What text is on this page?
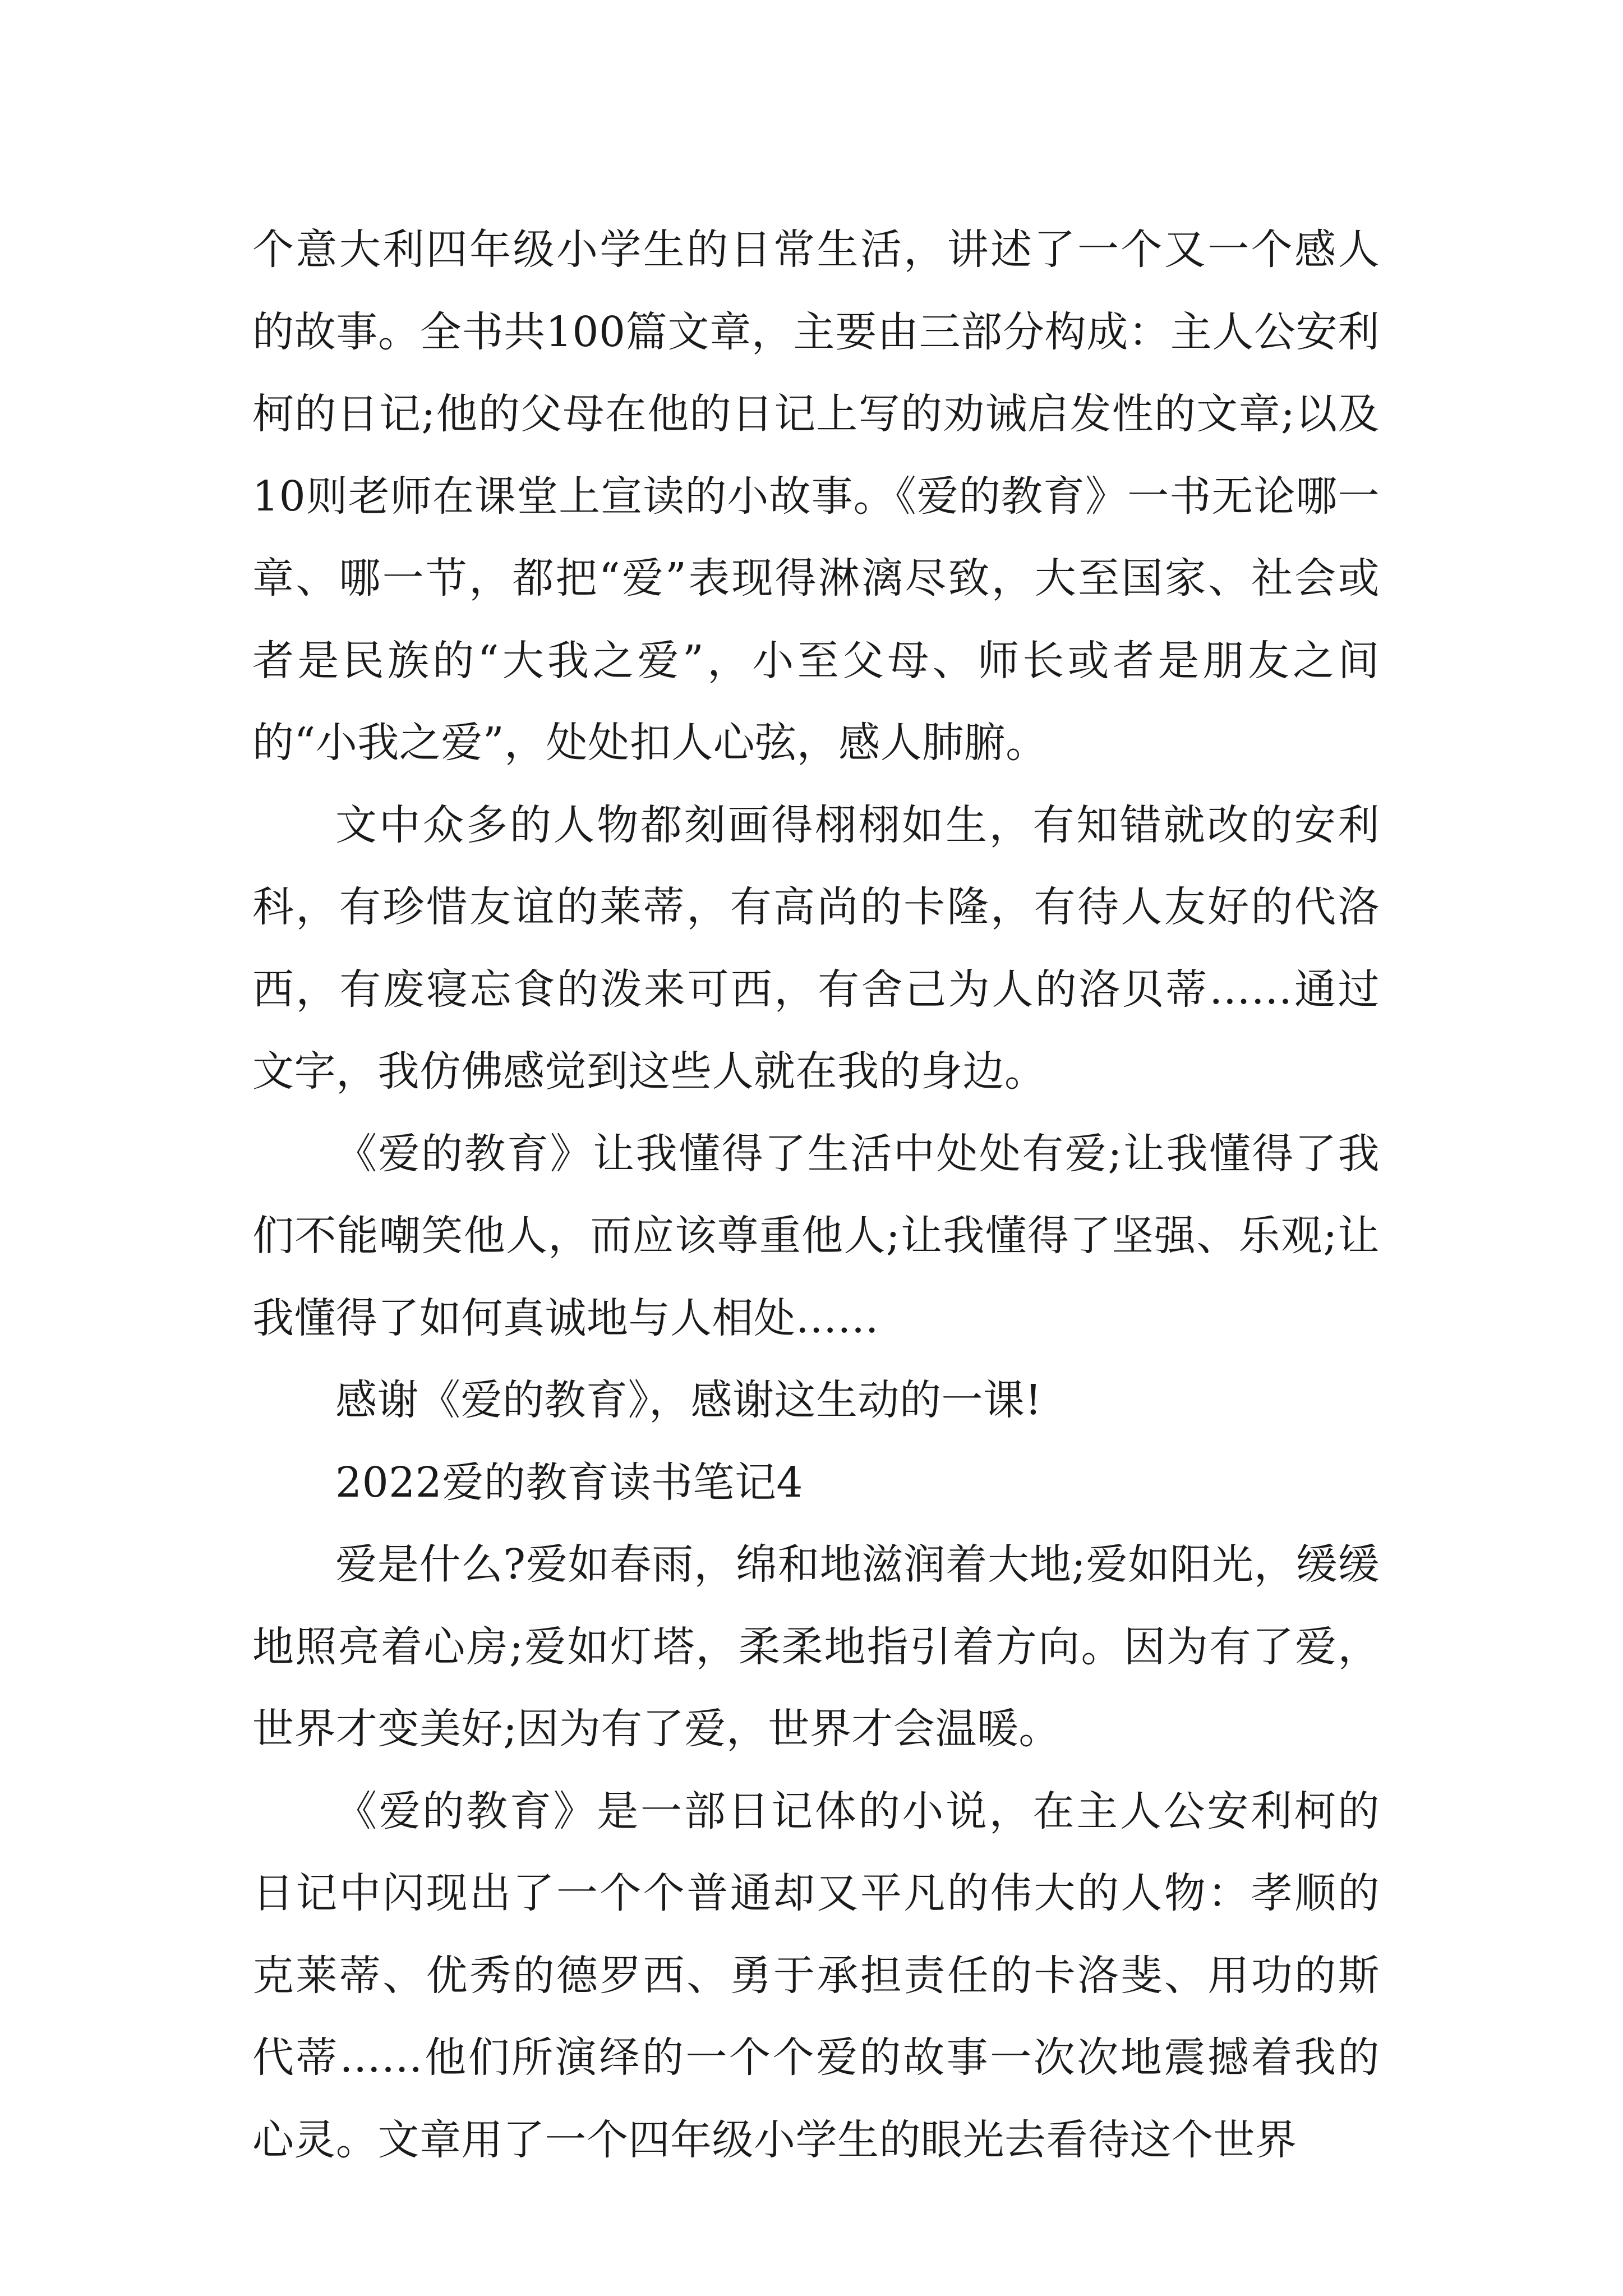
个意大利四年级小学生的日常生活，讲述了一个又一个感人的故事。全书共100篇文章，主要由三部分构成：主人公安利柯的日记;他的父母在他的日记上写的劝诫启发性的文章;以及10则老师在课堂上宣读的小故事。《爱的教育》一书无论哪一章、哪一节，都把“爱”表现得淋漓尽致，大至国家、社会或者是民族的“大我之爱”，小至父母、师长或者是朋友之间的“小我之爱”，处处扣人心弦，感人肺腑。

文中众多的人物都刻画得栩栩如生，有知错就改的安利科，有珍惜友谊的莱蒂，有高尚的卡隆，有待人友好的代洛西，有废寝忘食的泼来可西，有舍己为人的洛贝蒂……通过文字，我仿佛感觉到这些人就在我的身边。

《爱的教育》让我懂得了生活中处处有爱;让我懂得了我们不能嘲笑他人，而应该尊重他人;让我懂得了坚强、乐观;让我懂得了如何真诚地与人相处……

感谢《爱的教育》，感谢这生动的一课!

2022爱的教育读书笔记4

爱是什么?爱如春雨，绵和地滋润着大地;爱如阳光，缓缓地照亮着心房;爱如灯塔，柔柔地指引着方向。因为有了爱，世界才变美好;因为有了爱，世界才会温暖。

《爱的教育》是一部日记体的小说，在主人公安利柯的日记中闪现出了一个个普通却又平凡的伟大的人物：孝顺的克莱蒂、优秀的德罗西、勇于承担责任的卡洛斐、用功的斯代蒂……他们所演绎的一个个爱的故事一次次地震撼着我的心灵。文章用了一个四年级小学生的眼光去看待这个世界
